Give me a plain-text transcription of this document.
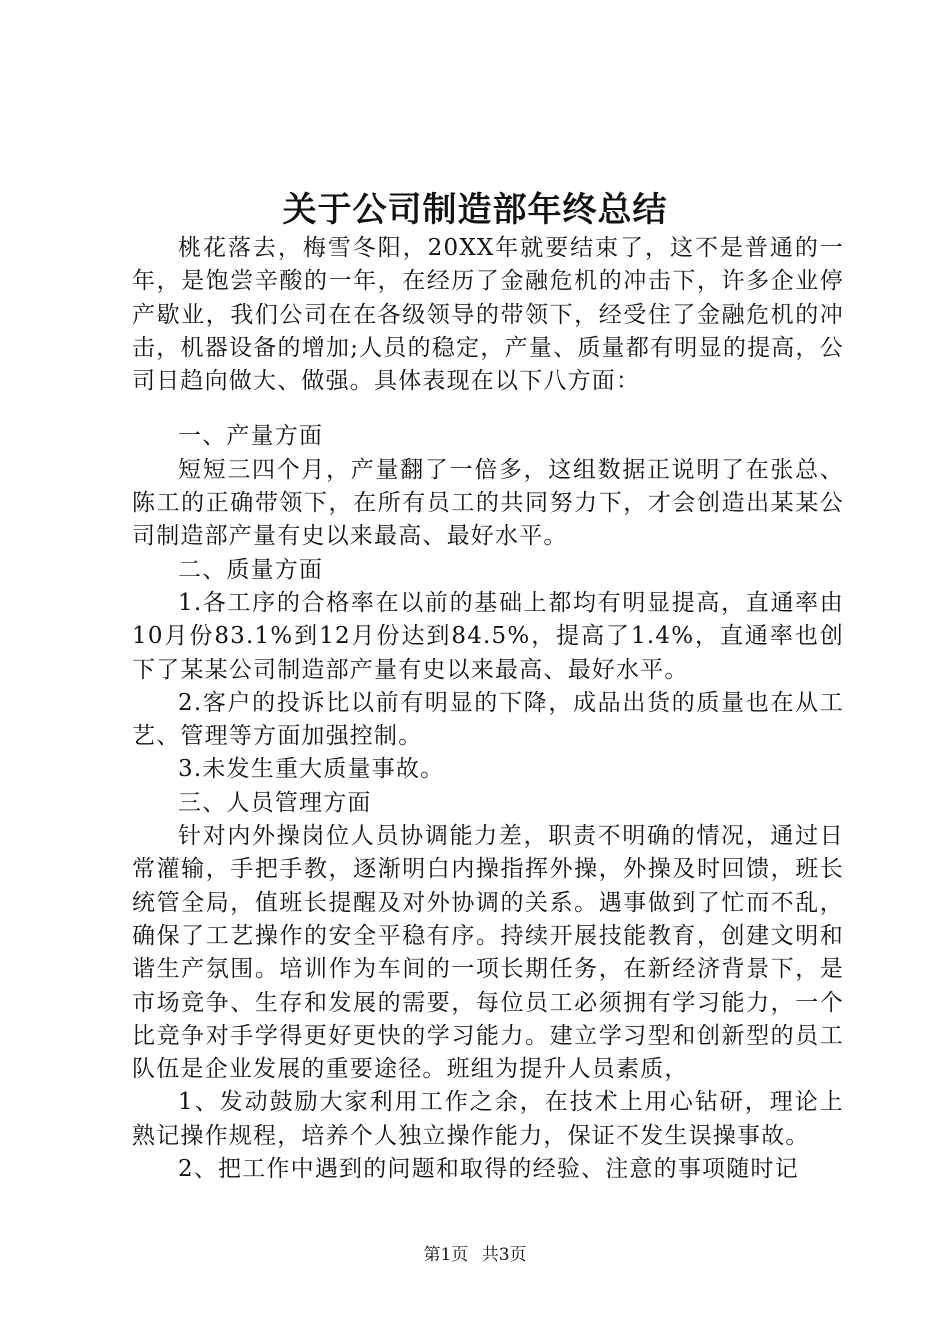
关于公司制造部年终总结

桃花落去，梅雪冬阳，20XX年就要结束了，这不是普通的一年，是饱尝辛酸的一年，在经历了金融危机的冲击下，许多企业停产歇业，我们公司在在各级领导的带领下，经受住了金融危机的冲击，机器设备的增加;人员的稳定，产量、质量都有明显的提高，公司日趋向做大、做强。具体表现在以下八方面：

一、产量方面

短短三四个月，产量翻了一倍多，这组数据正说明了在张总、陈工的正确带领下，在所有员工的共同努力下，才会创造出某某公司制造部产量有史以来最高、最好水平。

二、质量方面

1.各工序的合格率在以前的基础上都均有明显提高，直通率由10月份83.1%到12月份达到84.5%，提高了1.4%，直通率也创下了某某公司制造部产量有史以来最高、最好水平。

2.客户的投诉比以前有明显的下降，成品出货的质量也在从工艺、管理等方面加强控制。

3.未发生重大质量事故。

三、人员管理方面

针对内外操岗位人员协调能力差，职责不明确的情况，通过日常灌输，手把手教，逐渐明白内操指挥外操，外操及时回馈，班长统管全局，值班长提醒及对外协调的关系。遇事做到了忙而不乱，确保了工艺操作的安全平稳有序。持续开展技能教育，创建文明和谐生产氛围。培训作为车间的一项长期任务，在新经济背景下，是市场竞争、生存和发展的需要，每位员工必须拥有学习能力，一个比竞争对手学得更好更快的学习能力。建立学习型和创新型的员工队伍是企业发展的重要途径。班组为提升人员素质，

1、发动鼓励大家利用工作之余，在技术上用心钻研，理论上熟记操作规程，培养个人独立操作能力，保证不发生误操事故。

2、把工作中遇到的问题和取得的经验、注意的事项随时记

第1页 共3页
